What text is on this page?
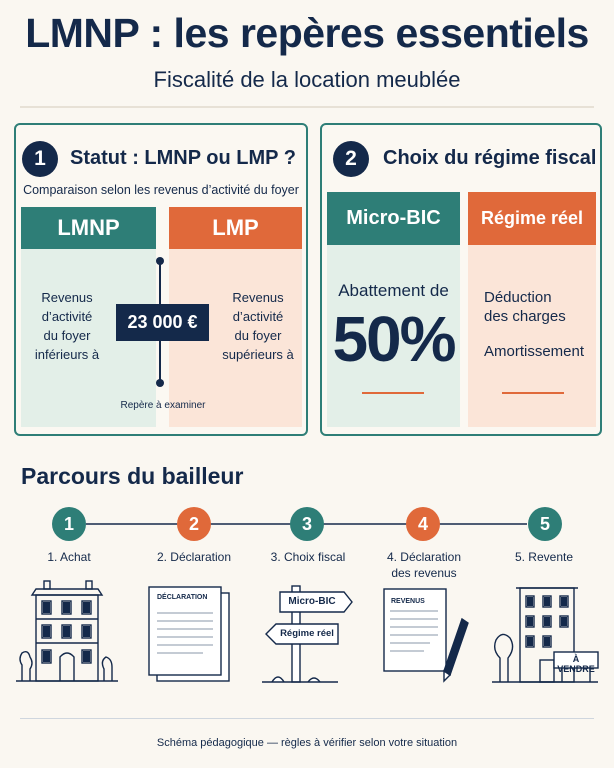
LMNP : les repères essentiels
Fiscalité de la location meublée
1	Statut : LMNP ou LMP ?
Comparaison selon les revenus d’activité du foyer
LMNP	LMP
Revenus
d’activité
du foyer
inférieurs à
Revenus
d’activité
du foyer
supérieurs à
23 000 €
Repère à examiner
2	Choix du régime fiscal
Micro-BIC	Régime réel
Abattement de
50%
Déduction
des charges
Amortissement
Parcours du bailleur
1	2	3	4	5
1. Achat	2. Déclaration	3. Choix fiscal	4. Déclaration
des revenus
5. Revente
DÉCLARATION	Micro-BIC
Régime réel
REVENUS
À VENDRE
Schéma pédagogique — règles à vérifier selon votre situation
